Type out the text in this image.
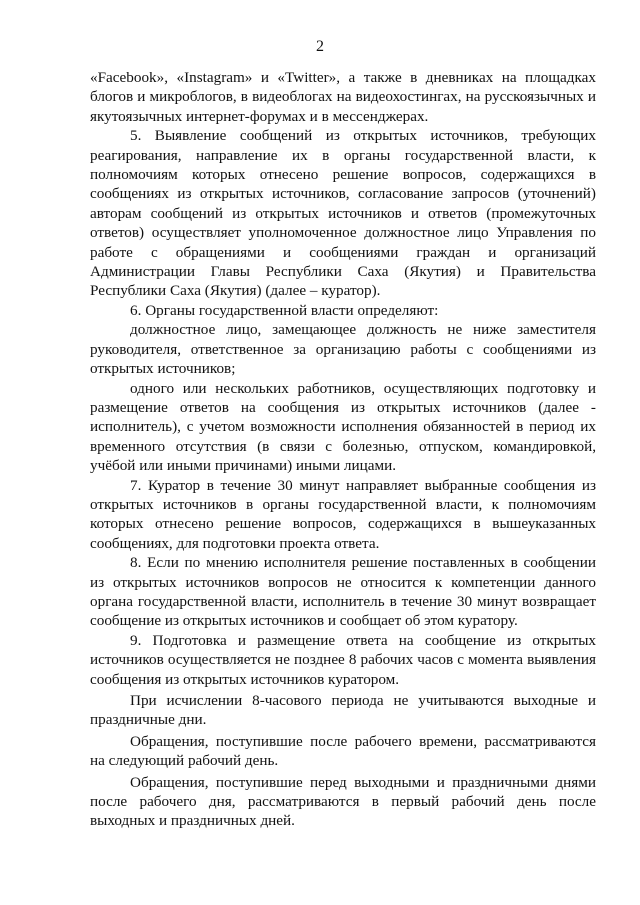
2

«Facebook», «Instagram» и «Twitter», а также в дневниках на площадках блогов и микроблогов, в видеоблогах на видеохостингах, на русскоязычных и якутоязычных интернет-форумах и в мессенджерах.

5. Выявление сообщений из открытых источников, требующих реагирования, направление их в органы государственной власти, к полномочиям которых отнесено решение вопросов, содержащихся в сообщениях из открытых источников, согласование запросов (уточнений) авторам сообщений из открытых источников и ответов (промежуточных ответов) осуществляет уполномоченное должностное лицо Управления по работе с обращениями и сообщениями граждан и организаций Администрации Главы Республики Саха (Якутия) и Правительства Республики Саха (Якутия) (далее – куратор).

6. Органы государственной власти определяют:

должностное лицо, замещающее должность не ниже заместителя руководителя, ответственное за организацию работы с сообщениями из открытых источников;

одного или нескольких работников, осуществляющих подготовку и размещение ответов на сообщения из открытых источников (далее - исполнитель), с учетом возможности исполнения обязанностей в период их временного отсутствия (в связи с болезнью, отпуском, командировкой, учёбой или иными причинами) иными лицами.

7. Куратор в течение 30 минут направляет выбранные сообщения из открытых источников в органы государственной власти, к полномочиям которых отнесено решение вопросов, содержащихся в вышеуказанных сообщениях, для подготовки проекта ответа.

8. Если по мнению исполнителя решение поставленных в сообщении из открытых источников вопросов не относится к компетенции данного органа государственной власти, исполнитель в течение 30 минут возвращает сообщение из открытых источников и сообщает об этом куратору.

9. Подготовка и размещение ответа на сообщение из открытых источников осуществляется не позднее 8 рабочих часов с момента выявления сообщения из открытых источников куратором.

При исчислении 8-часового периода не учитываются выходные и праздничные дни.

Обращения, поступившие после рабочего времени, рассматриваются на следующий рабочий день.

Обращения, поступившие перед выходными и праздничными днями после рабочего дня, рассматриваются в первый рабочий день после выходных и праздничных дней.
